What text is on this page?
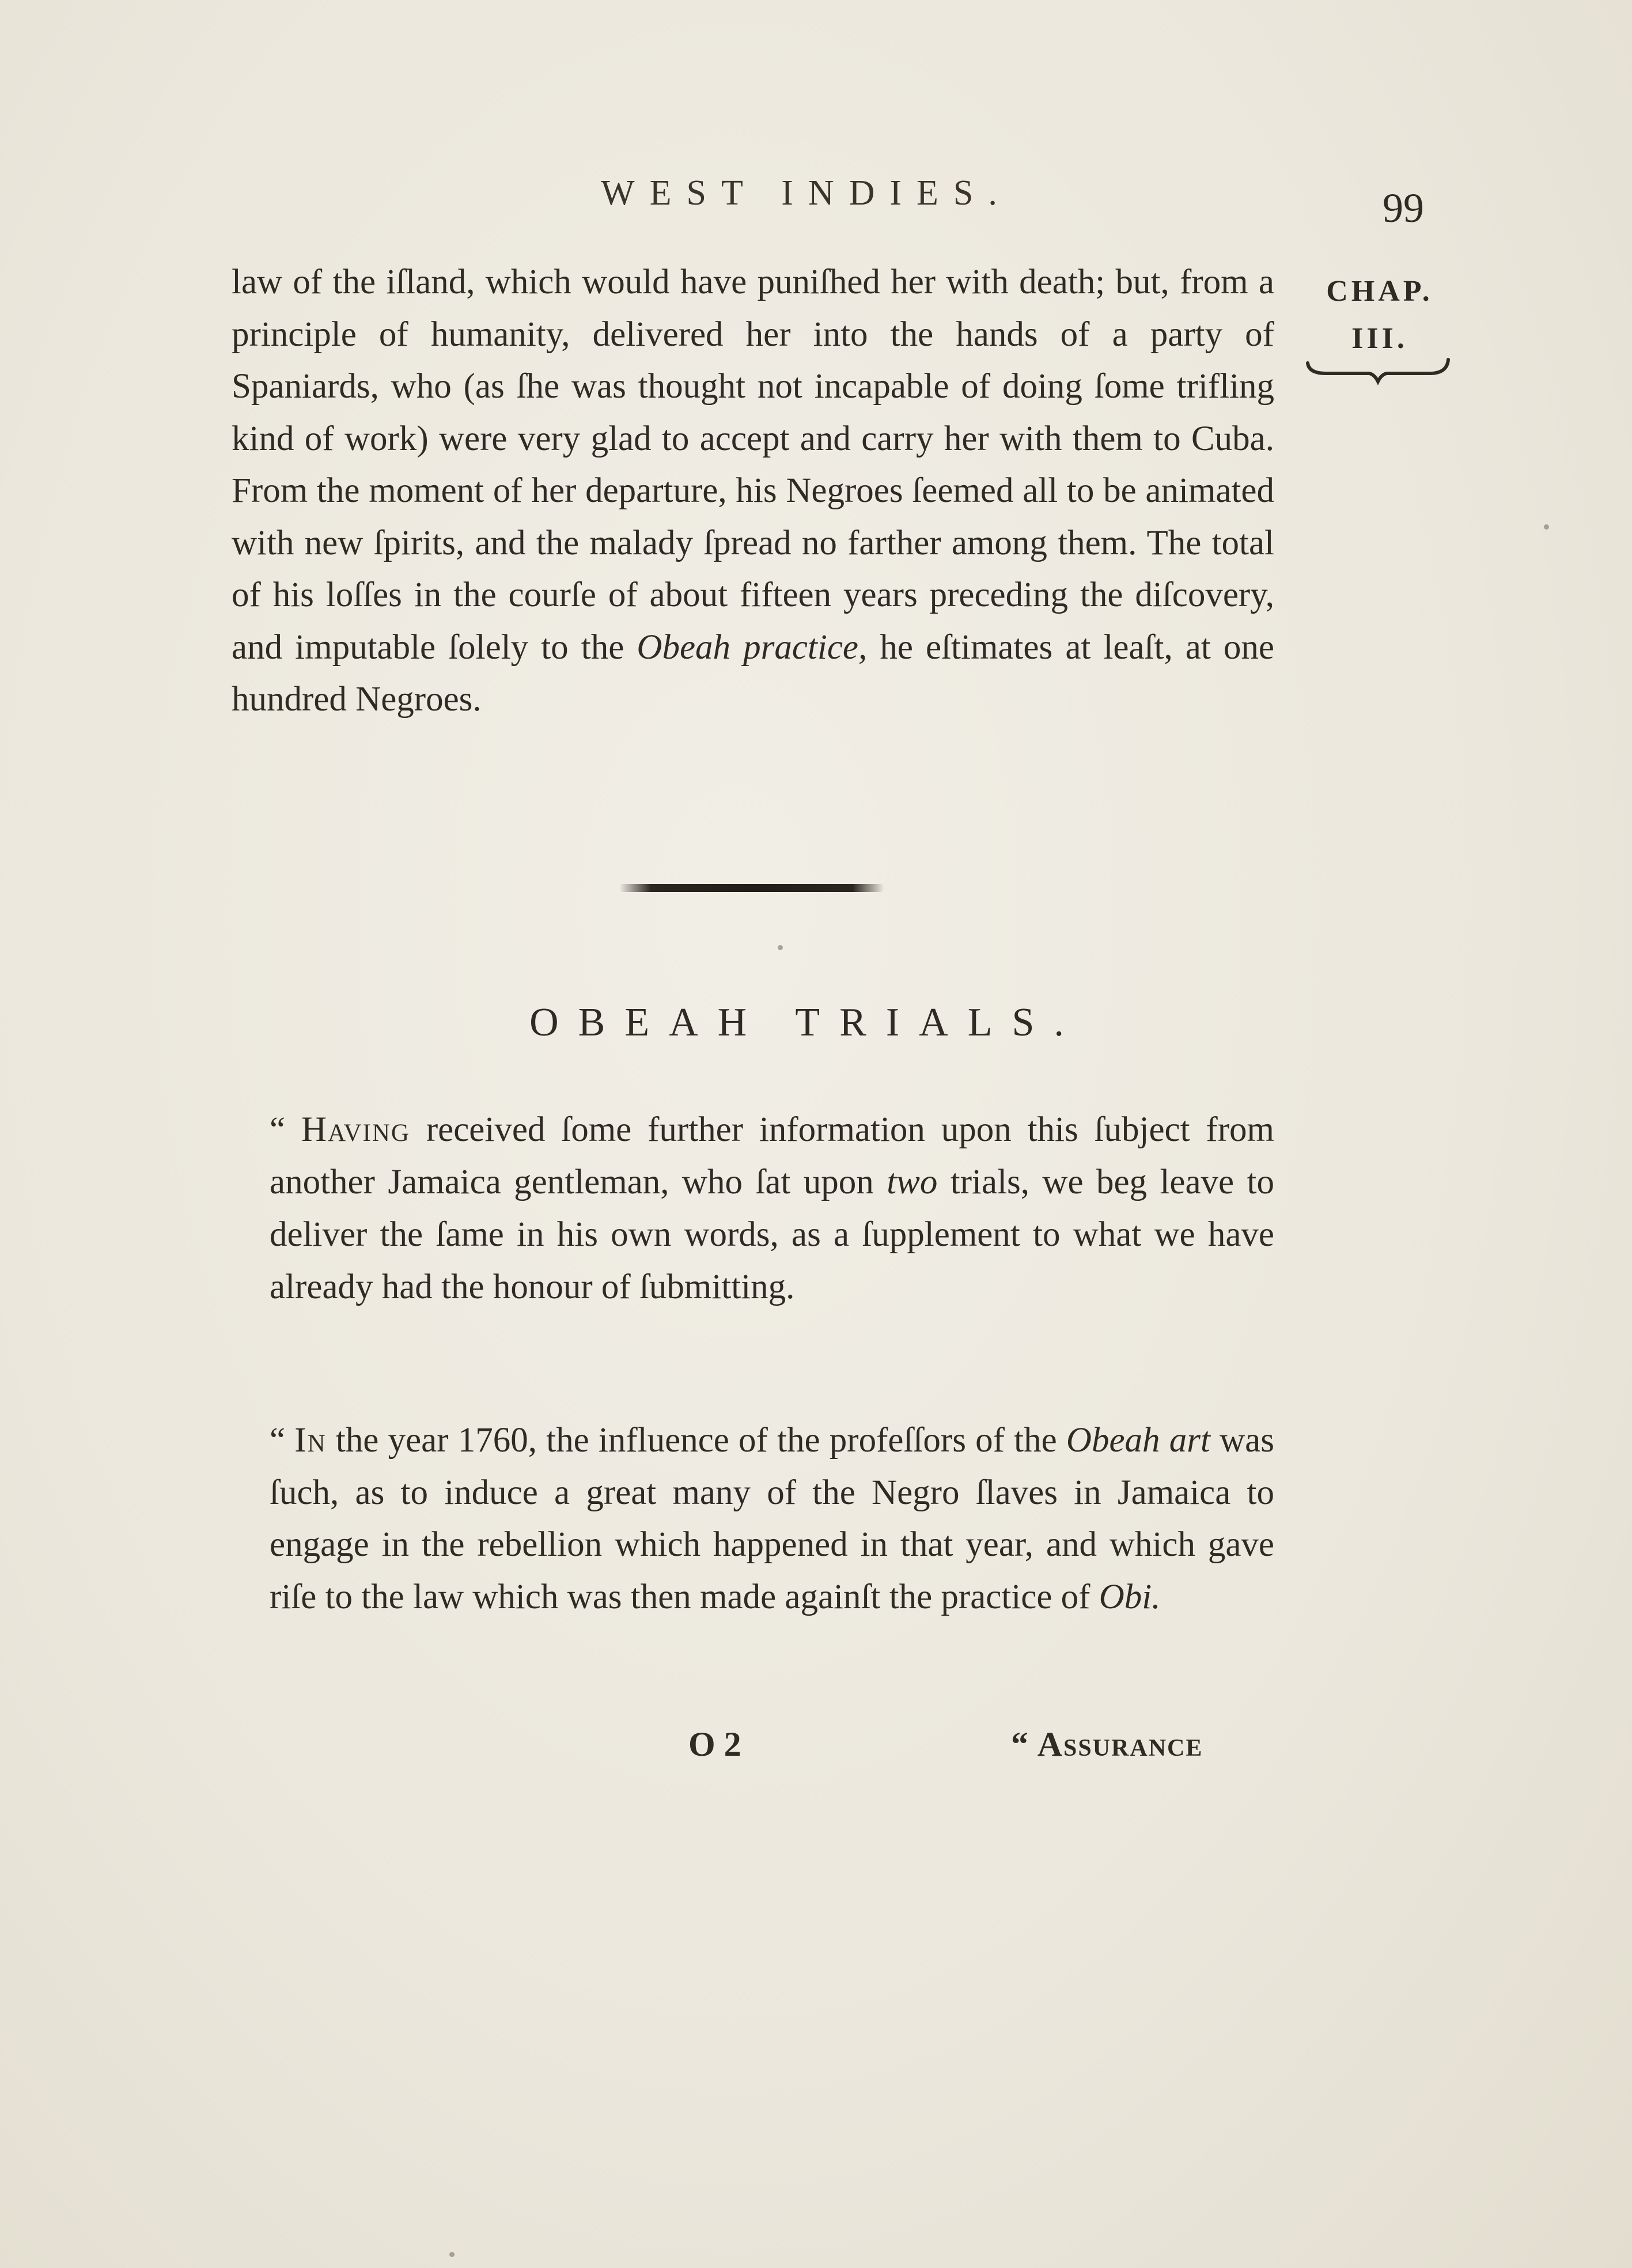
WEST INDIES.	99
CHAP.
III.

law of the iſland, which would have puniſhed her with death; but, from a principle of humanity, delivered her into the hands of a party of Spaniards, who (as ſhe was thought not incapable of doing ſome trifling kind of work) were very glad to accept and carry her with them to Cuba. From the moment of her departure, his Negroes ſeemed all to be animated with new ſpirits, and the malady ſpread no farther among them. The total of his loſſes in the courſe of about fifteen years preceding the diſcovery, and imputable ſolely to the Obeah practice, he eſtimates at leaſt, at one hundred Negroes.

OBEAH TRIALS.

“ Having received ſome further information upon this ſubject from another Jamaica gentleman, who ſat upon two trials, we beg leave to deliver the ſame in his own words, as a ſupplement to what we have already had the honour of ſubmitting.

“ In the year 1760, the influence of the profeſſors of the Obeah art was ſuch, as to induce a great many of the Negro ſlaves in Jamaica to engage in the rebellion which happened in that year, and which gave riſe to the law which was then made againſt the practice of Obi.

O 2	“ Assurance
